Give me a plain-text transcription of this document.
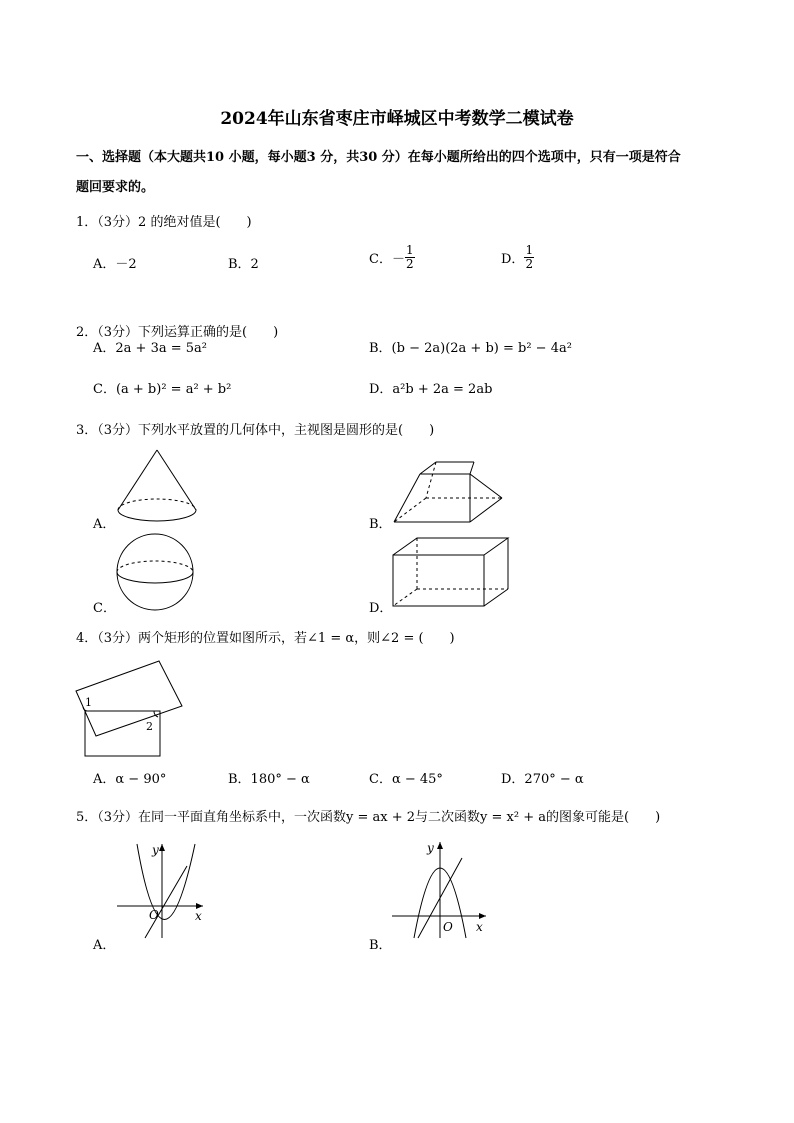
2024年山东省枣庄市峄城区中考数学二模试卷
一、选择题（本大题共10 小题，每小题3 分，共30 分）在每小题所给出的四个选项中，只有一项是符合
题回要求的。
1．（3分）2 的绝对值是(　　)
A．－2	B．2	C．－ $\frac{1}{2}$	D． $\frac{1}{2}$
2．（3分）下列运算正确的是(　　)
A．2a + 3a = 5a²	B．(b − 2a)(2a + b) = b² − 4a²
C．(a + b)² = a² + b²	D．a²b + 2a = 2ab
3．（3分）下列水平放置的几何体中，主视图是圆形的是(　　)
A．	B．
C．	D．
4．（3分）两个矩形的位置如图所示，若∠1 = α，则∠2 = (　　)
1
2
A．α − 90°	B．180° − α	C．α − 45°	D．270° − α
5．（3分）在同一平面直角坐标系中，一次函数y = ax + 2与二次函数y = x² + a的图象可能是(　　)
A．
y
x
O
B．
y
x
O
